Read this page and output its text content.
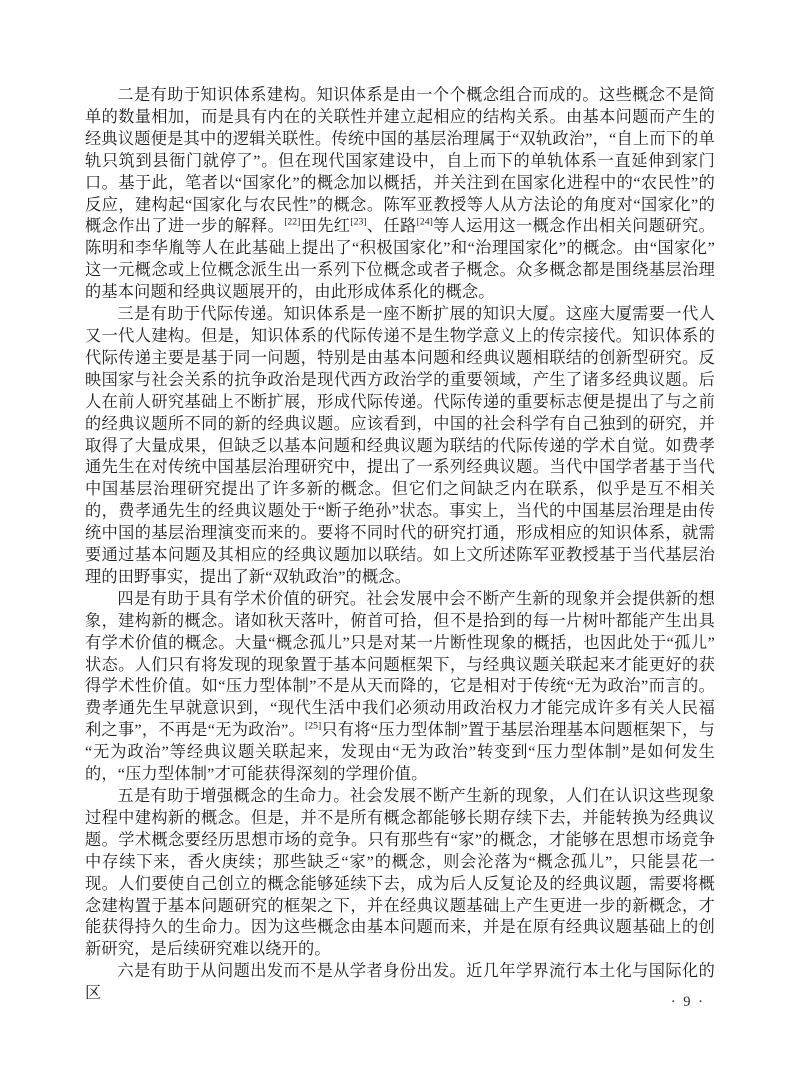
二是有助于知识体系建构。知识体系是由一个个概念组合而成的。这些概念不是简单的数量相加，而是具有内在的关联性并建立起相应的结构关系。由基本问题而产生的经典议题便是其中的逻辑关联性。传统中国的基层治理属于“双轨政治”，“自上而下的单轨只筑到县衙门就停了”。但在现代国家建设中，自上而下的单轨体系一直延伸到家门口。基于此，笔者以“国家化”的概念加以概括，并关注到在国家化进程中的“农民性”的反应，建构起“国家化与农民性”的概念。陈军亚教授等人从方法论的角度对“国家化”的概念作出了进一步的解释。[22]田先红[23]、任路[24]等人运用这一概念作出相关问题研究。陈明和李华胤等人在此基础上提出了“积极国家化”和“治理国家化”的概念。由“国家化”这一元概念或上位概念派生出一系列下位概念或者子概念。众多概念都是围绕基层治理的基本问题和经典议题展开的，由此形成体系化的概念。

三是有助于代际传递。知识体系是一座不断扩展的知识大厦。这座大厦需要一代人又一代人建构。但是，知识体系的代际传递不是生物学意义上的传宗接代。知识体系的代际传递主要是基于同一问题，特别是由基本问题和经典议题相联结的创新型研究。反映国家与社会关系的抗争政治是现代西方政治学的重要领域，产生了诸多经典议题。后人在前人研究基础上不断扩展，形成代际传递。代际传递的重要标志便是提出了与之前的经典议题所不同的新的经典议题。应该看到，中国的社会科学有自己独到的研究，并取得了大量成果，但缺乏以基本问题和经典议题为联结的代际传递的学术自觉。如费孝通先生在对传统中国基层治理研究中，提出了一系列经典议题。当代中国学者基于当代中国基层治理研究提出了许多新的概念。但它们之间缺乏内在联系，似乎是互不相关的，费孝通先生的经典议题处于“断子绝孙”状态。事实上，当代的中国基层治理是由传统中国的基层治理演变而来的。要将不同时代的研究打通，形成相应的知识体系，就需要通过基本问题及其相应的经典议题加以联结。如上文所述陈军亚教授基于当代基层治理的田野事实，提出了新“双轨政治”的概念。

四是有助于具有学术价值的研究。社会发展中会不断产生新的现象并会提供新的想象，建构新的概念。诸如秋天落叶，俯首可拾，但不是拾到的每一片树叶都能产生出具有学术价值的概念。大量“概念孤儿”只是对某一片断性现象的概括，也因此处于“孤儿”状态。人们只有将发现的现象置于基本问题框架下，与经典议题关联起来才能更好的获得学术性价值。如“压力型体制”不是从天而降的，它是相对于传统“无为政治”而言的。费孝通先生早就意识到，“现代生活中我们必须动用政治权力才能完成许多有关人民福利之事”，不再是“无为政治”。[25]只有将“压力型体制”置于基层治理基本问题框架下，与“无为政治”等经典议题关联起来，发现由“无为政治”转变到“压力型体制”是如何发生的，“压力型体制”才可能获得深刻的学理价值。

五是有助于增强概念的生命力。社会发展不断产生新的现象，人们在认识这些现象过程中建构新的概念。但是，并不是所有概念都能够长期存续下去，并能转换为经典议题。学术概念要经历思想市场的竞争。只有那些有“家”的概念，才能够在思想市场竞争中存续下来，香火庚续；那些缺乏“家”的概念，则会沦落为“概念孤儿”，只能昙花一现。人们要使自己创立的概念能够延续下去，成为后人反复论及的经典议题，需要将概念建构置于基本问题研究的框架之下，并在经典议题基础上产生更进一步的新概念，才能获得持久的生命力。因为这些概念由基本问题而来，并是在原有经典议题基础上的创新研究，是后续研究难以绕开的。

六是有助于从问题出发而不是从学者身份出发。近几年学界流行本土化与国际化的区	· 9 ·
